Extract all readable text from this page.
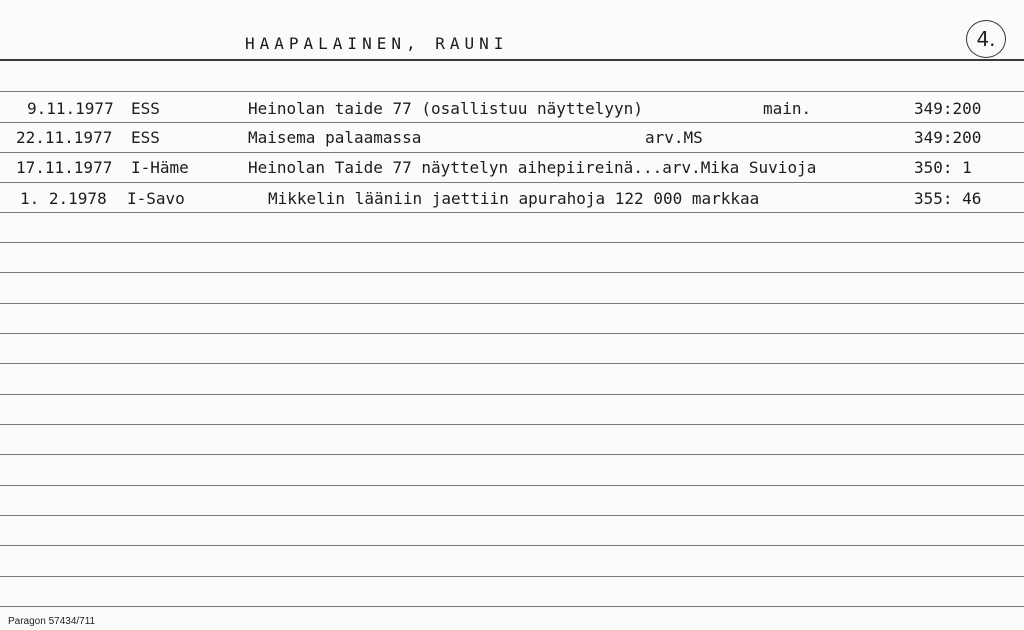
HAAPALAINEN, RAUNI	4.
9.11.1977 ESS	Heinolan taide 77 (osallistuu näyttelyyn)	main.	349:200
22.11.1977 ESS	Maisema palaamassa	arv.MS	349:200
17.11.1977 I-Häme	Heinolan Taide 77 näyttelyn aihepiireinä...arv.Mika Suvioja	350: 1
1. 2.1978 I-Savo	Mikkelin lääniin jaettiin apurahoja 122 000 markkaa	355: 46
Paragon 57434/711
